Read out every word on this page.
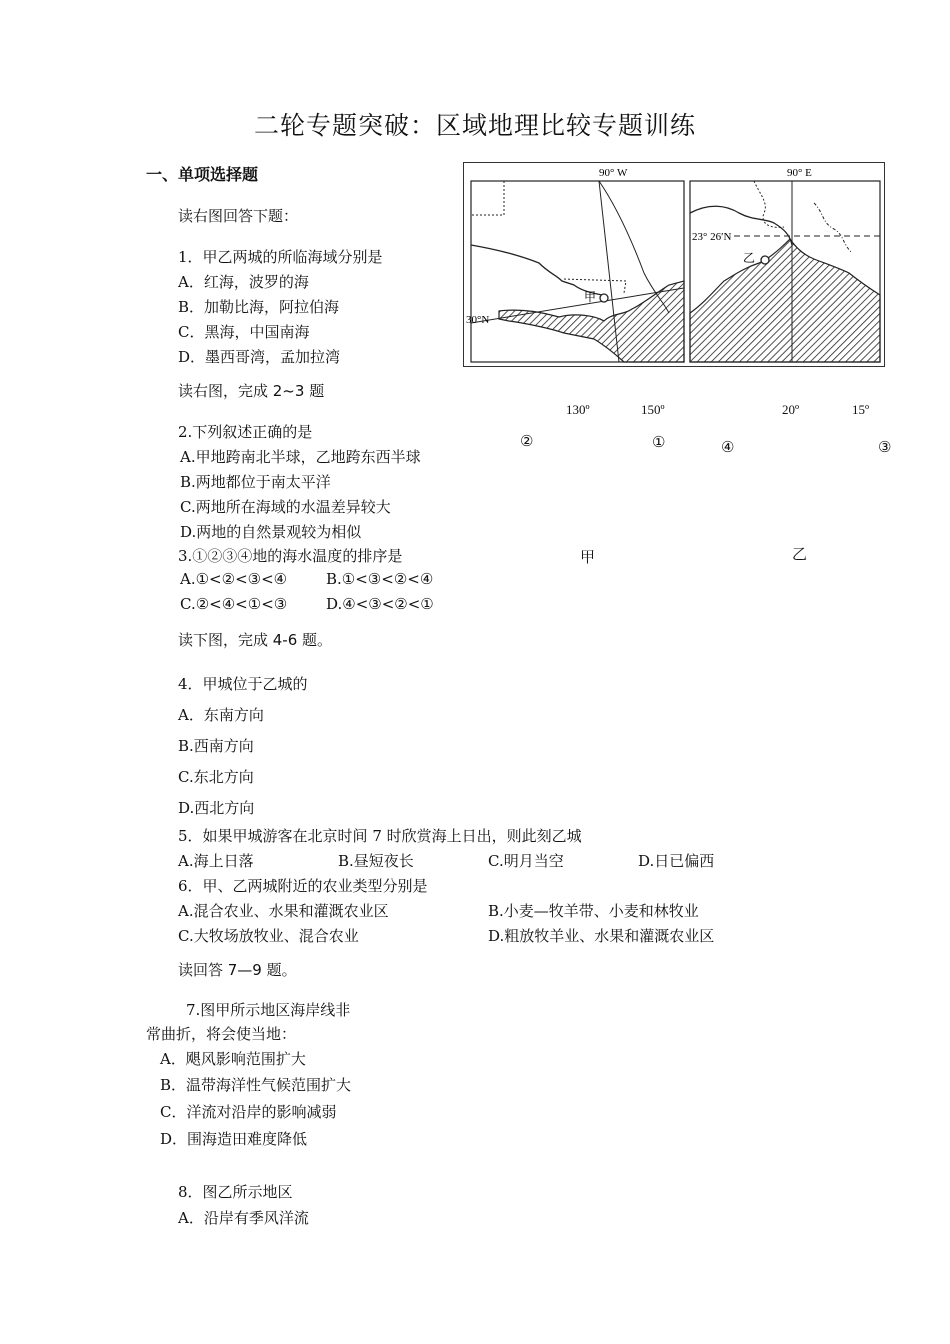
二轮专题突破：区域地理比较专题训练
一、单项选择题
读右图回答下题：
1．甲乙两城的所临海域分别是
A．红海，波罗的海
B．加勒比海，阿拉伯海
C．黑海，中国南海
D．墨西哥湾，孟加拉湾
90° W
30°N
甲
90° E
23° 26′N
乙
读右图，完成 2~3 题
2.下列叙述正确的是
A.甲地跨南北半球，乙地跨东西半球
B.两地都位于南太平洋
C.两地所在海域的水温差异较大
D.两地的自然景观较为相似
3.①②③④地的海水温度的排序是
A.①<②<③<④	B.①<③<②<④
C.②<④<①<③	D.④<③<②<①
130º	150º	20º	15º
②	①	④	③
甲	乙
读下图，完成 4-6 题。
4．甲城位于乙城的
A．东南方向
B.西南方向
C.东北方向
D.西北方向
5．如果甲城游客在北京时间 7 时欣赏海上日出，则此刻乙城
A.海上日落	B.昼短夜长	C.明月当空	D.日已偏西
6．甲、乙两城附近的农业类型分别是
A.混合农业、水果和灌溉农业区	B.小麦—牧羊带、小麦和林牧业
C.大牧场放牧业、混合农业	D.粗放牧羊业、水果和灌溉农业区
读回答 7—9 题。
7.图甲所示地区海岸线非
常曲折，将会使当地：
A．飓风影响范围扩大
B．温带海洋性气候范围扩大
C．洋流对沿岸的影响减弱
D．围海造田难度降低
8．图乙所示地区
A．沿岸有季风洋流
